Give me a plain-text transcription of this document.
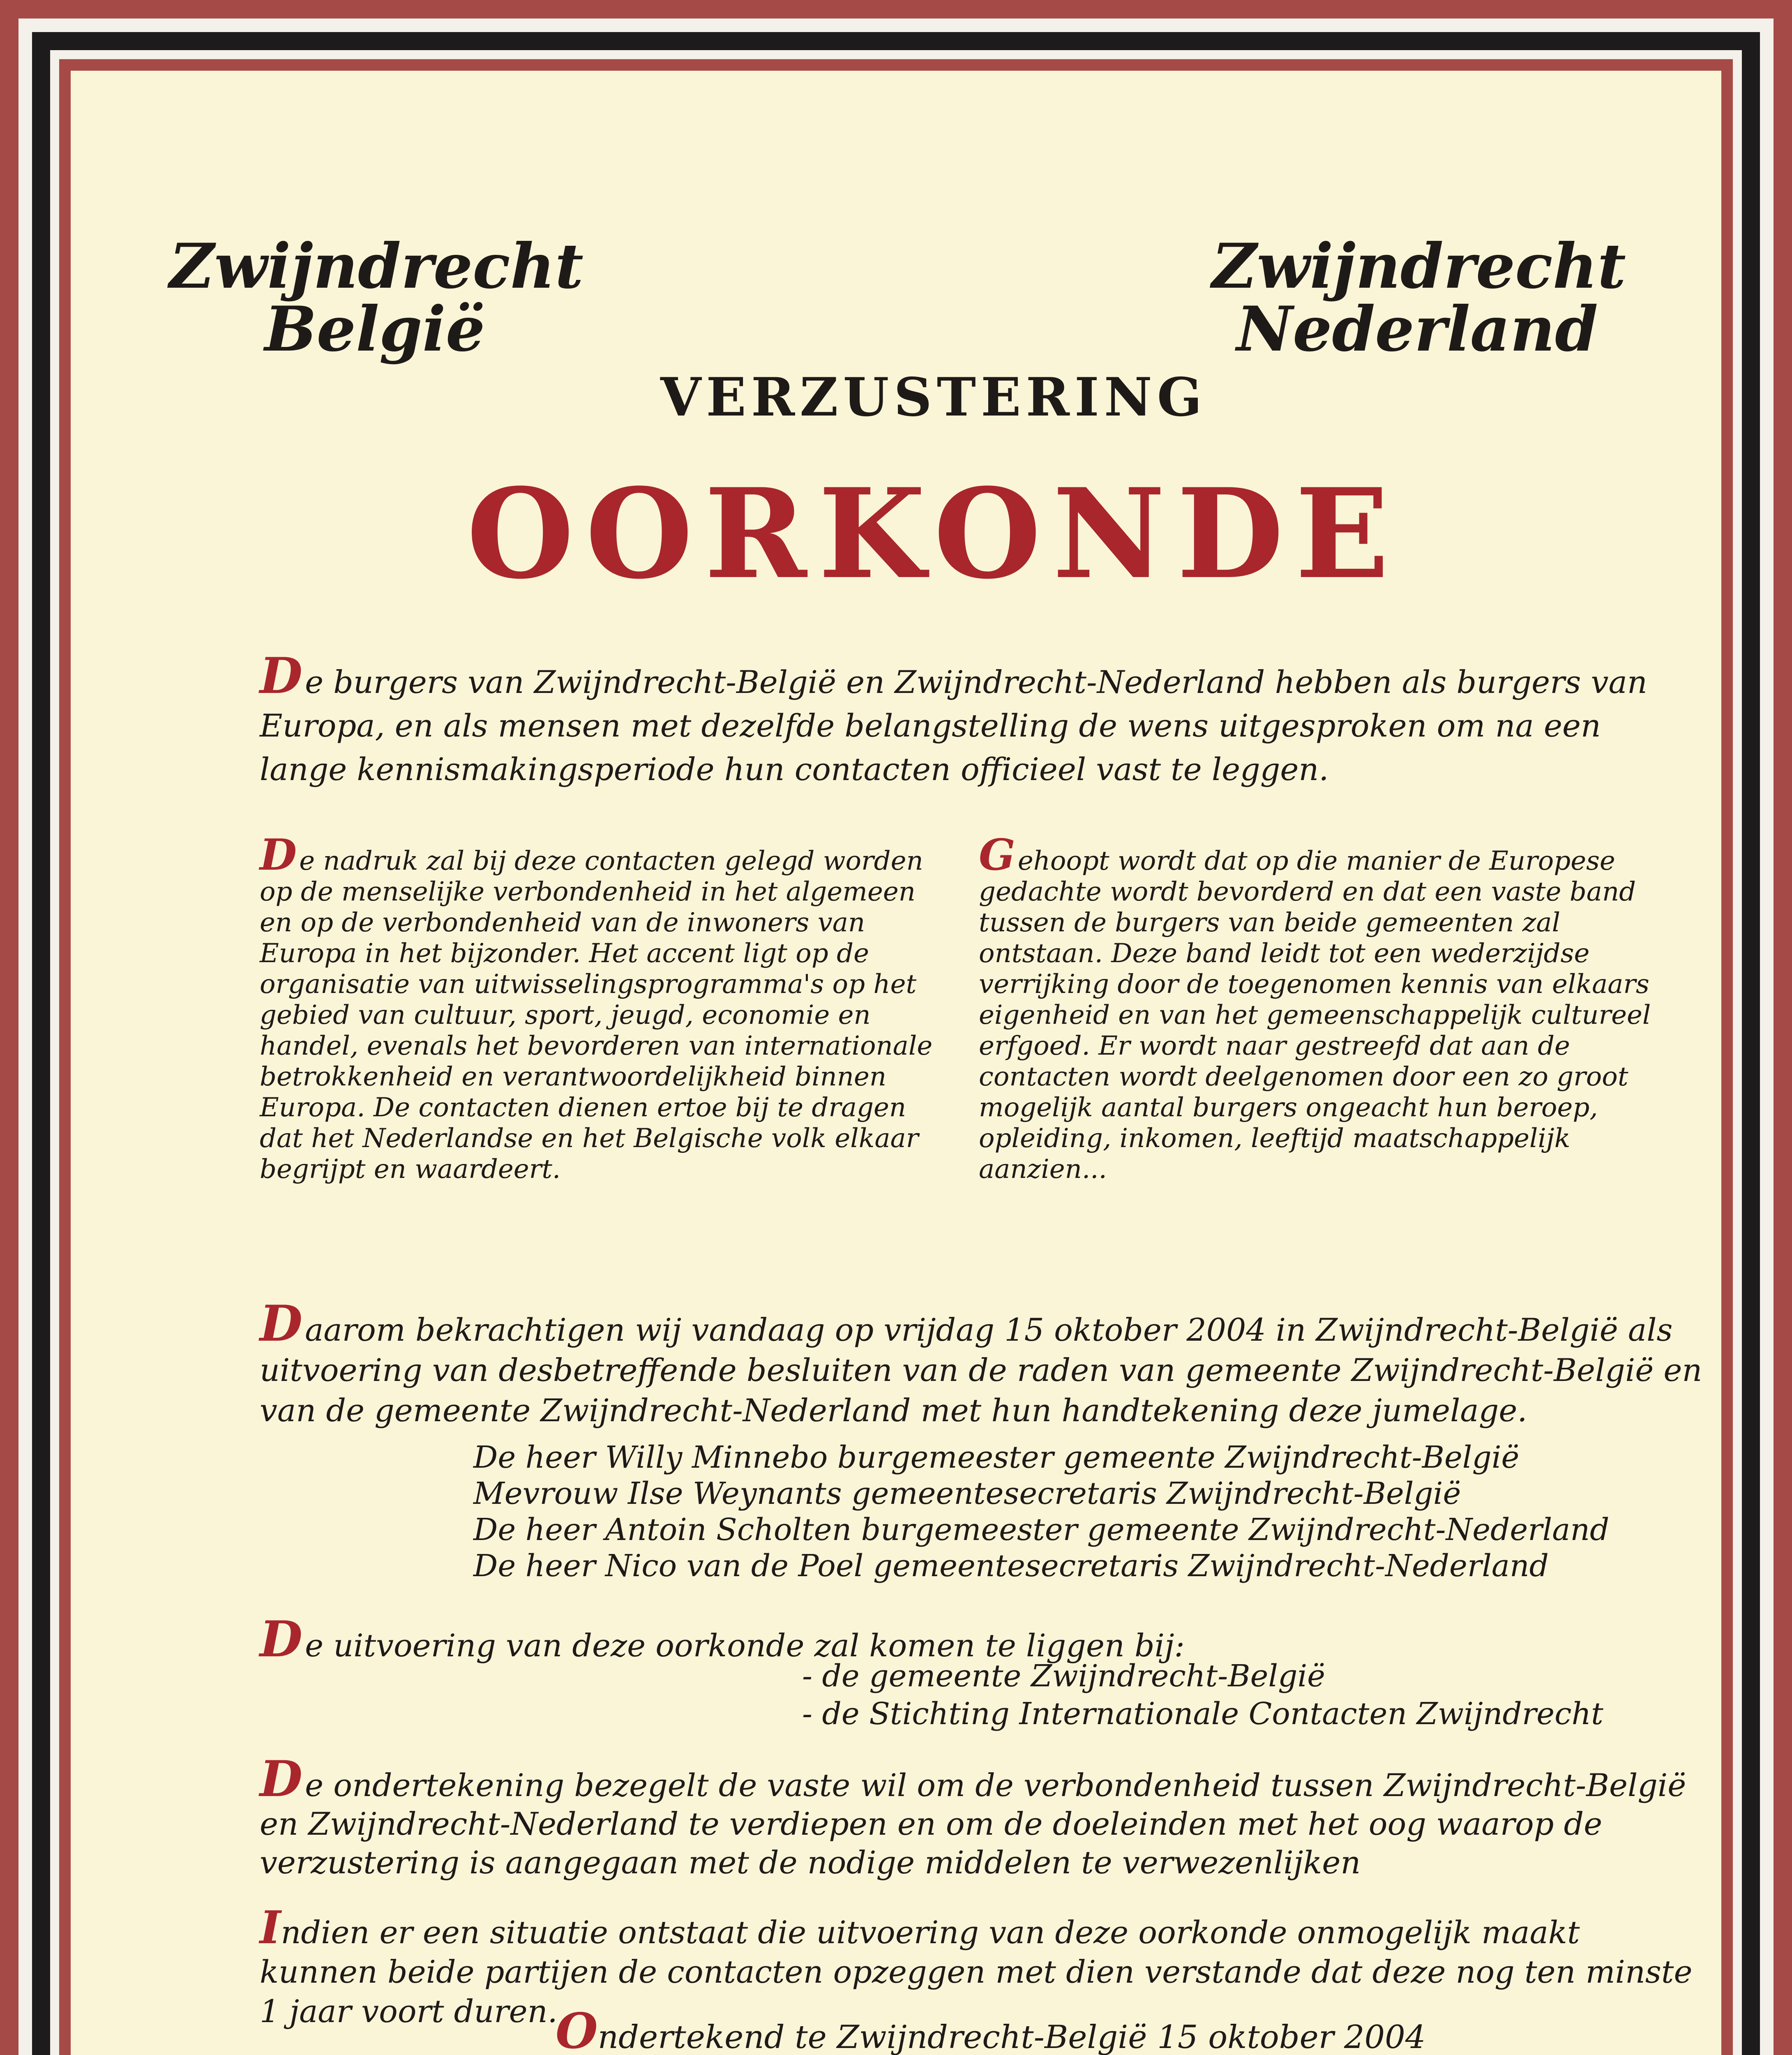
Zwijndrecht
België
Zwijndrecht
Nederland
VERZUSTERING
OORKONDE
De burgers van Zwijndrecht-België en Zwijndrecht-Nederland hebben als burgers van Europa, en als mensen met dezelfde belangstelling de wens uitgesproken om na een lange kennismakingsperiode hun contacten officieel vast te leggen.
De nadruk zal bij deze contacten gelegd worden op de menselijke verbondenheid in het algemeen en op de verbondenheid van de inwoners van Europa in het bijzonder. Het accent ligt op de organisatie van uitwisselingsprogramma's op het gebied van cultuur, sport, jeugd, economie en handel, evenals het bevorderen van internationale betrokkenheid en verantwoordelijkheid binnen Europa. De contacten dienen ertoe bij te dragen dat het Nederlandse en het Belgische volk elkaar begrijpt en waardeert.
Gehoopt wordt dat op die manier de Europese gedachte wordt bevorderd en dat een vaste band tussen de burgers van beide gemeenten zal ontstaan. Deze band leidt tot een wederzijdse verrijking door de toegenomen kennis van elkaars eigenheid en van het gemeenschappelijk cultureel erfgoed. Er wordt naar gestreefd dat aan de contacten wordt deelgenomen door een zo groot mogelijk aantal burgers ongeacht hun beroep, opleiding, inkomen, leeftijd maatschappelijk aanzien...
Daarom bekrachtigen wij vandaag op vrijdag 15 oktober 2004 in Zwijndrecht-België als uitvoering van desbetreffende besluiten van de raden van gemeente Zwijndrecht-België en van de gemeente Zwijndrecht-Nederland met hun handtekening deze jumelage.
De heer Willy Minnebo burgemeester gemeente Zwijndrecht-België
Mevrouw Ilse Weynants gemeentesecretaris Zwijndrecht-België
De heer Antoin Scholten burgemeester gemeente Zwijndrecht-Nederland
De heer Nico van de Poel gemeentesecretaris Zwijndrecht-Nederland
De uitvoering van deze oorkonde zal komen te liggen bij:
- de gemeente Zwijndrecht-België
- de Stichting Internationale Contacten Zwijndrecht
De ondertekening bezegelt de vaste wil om de verbondenheid tussen Zwijndrecht-België en Zwijndrecht-Nederland te verdiepen en om de doeleinden met het oog waarop de verzustering is aangegaan met de nodige middelen te verwezenlijken
Indien er een situatie ontstaat die uitvoering van deze oorkonde onmogelijk maakt kunnen beide partijen de contacten opzeggen met dien verstande dat deze nog ten minste 1 jaar voort duren.
Ondertekend te Zwijndrecht-België 15 oktober 2004
